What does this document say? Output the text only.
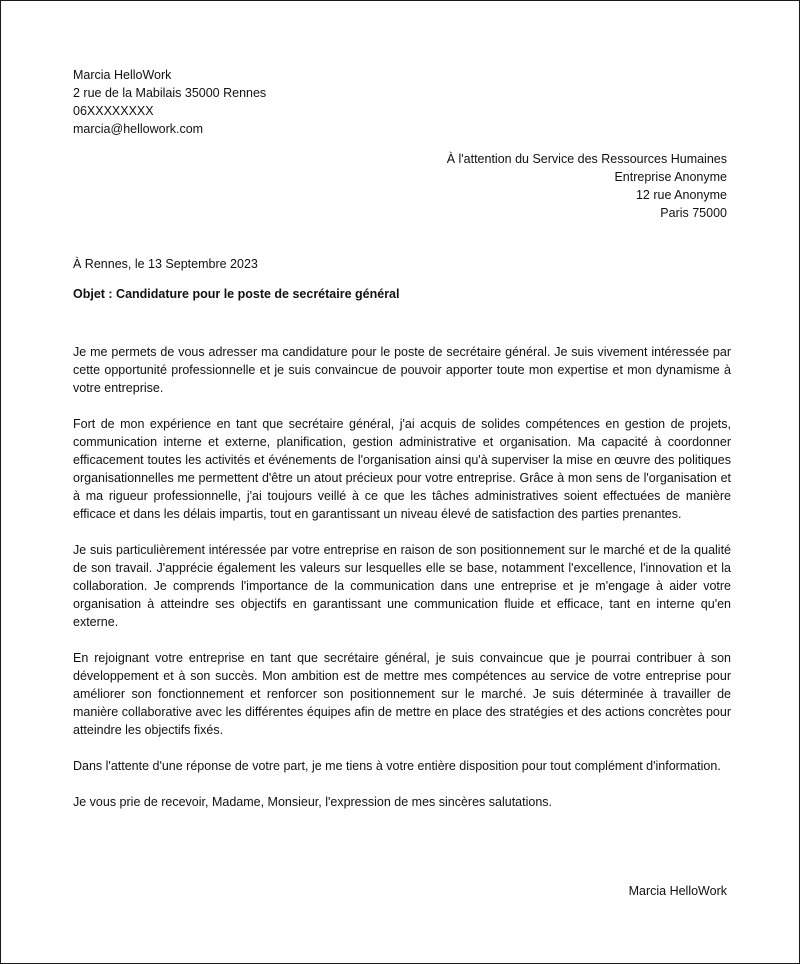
Marcia HelloWork
2 rue de la Mabilais 35000 Rennes
06XXXXXXXX
marcia@hellowork.com
À l'attention du Service des Ressources Humaines
Entreprise Anonyme
12 rue Anonyme
Paris 75000
À Rennes, le 13 Septembre 2023
Objet : Candidature pour le poste de secrétaire général

Je me permets de vous adresser ma candidature pour le poste de secrétaire général. Je suis vivement intéressée par cette opportunité professionnelle et je suis convaincue de pouvoir apporter toute mon expertise et mon dynamisme à votre entreprise.

Fort de mon expérience en tant que secrétaire général, j'ai acquis de solides compétences en gestion de projets, communication interne et externe, planification, gestion administrative et organisation. Ma capacité à coordonner efficacement toutes les activités et événements de l'organisation ainsi qu'à superviser la mise en œuvre des politiques organisationnelles me permettent d'être un atout précieux pour votre entreprise. Grâce à mon sens de l'organisation et à ma rigueur professionnelle, j'ai toujours veillé à ce que les tâches administratives soient effectuées de manière efficace et dans les délais impartis, tout en garantissant un niveau élevé de satisfaction des parties prenantes.

Je suis particulièrement intéressée par votre entreprise en raison de son positionnement sur le marché et de la qualité de son travail. J'apprécie également les valeurs sur lesquelles elle se base, notamment l'excellence, l'innovation et la collaboration. Je comprends l'importance de la communication dans une entreprise et je m'engage à aider votre organisation à atteindre ses objectifs en garantissant une communication fluide et efficace, tant en interne qu'en externe.

En rejoignant votre entreprise en tant que secrétaire général, je suis convaincue que je pourrai contribuer à son développement et à son succès. Mon ambition est de mettre mes compétences au service de votre entreprise pour améliorer son fonctionnement et renforcer son positionnement sur le marché. Je suis déterminée à travailler de manière collaborative avec les différentes équipes afin de mettre en place des stratégies et des actions concrètes pour atteindre les objectifs fixés.

Dans l'attente d'une réponse de votre part, je me tiens à votre entière disposition pour tout complément d'information.

Je vous prie de recevoir, Madame, Monsieur, l'expression de mes sincères salutations.

Marcia HelloWork
